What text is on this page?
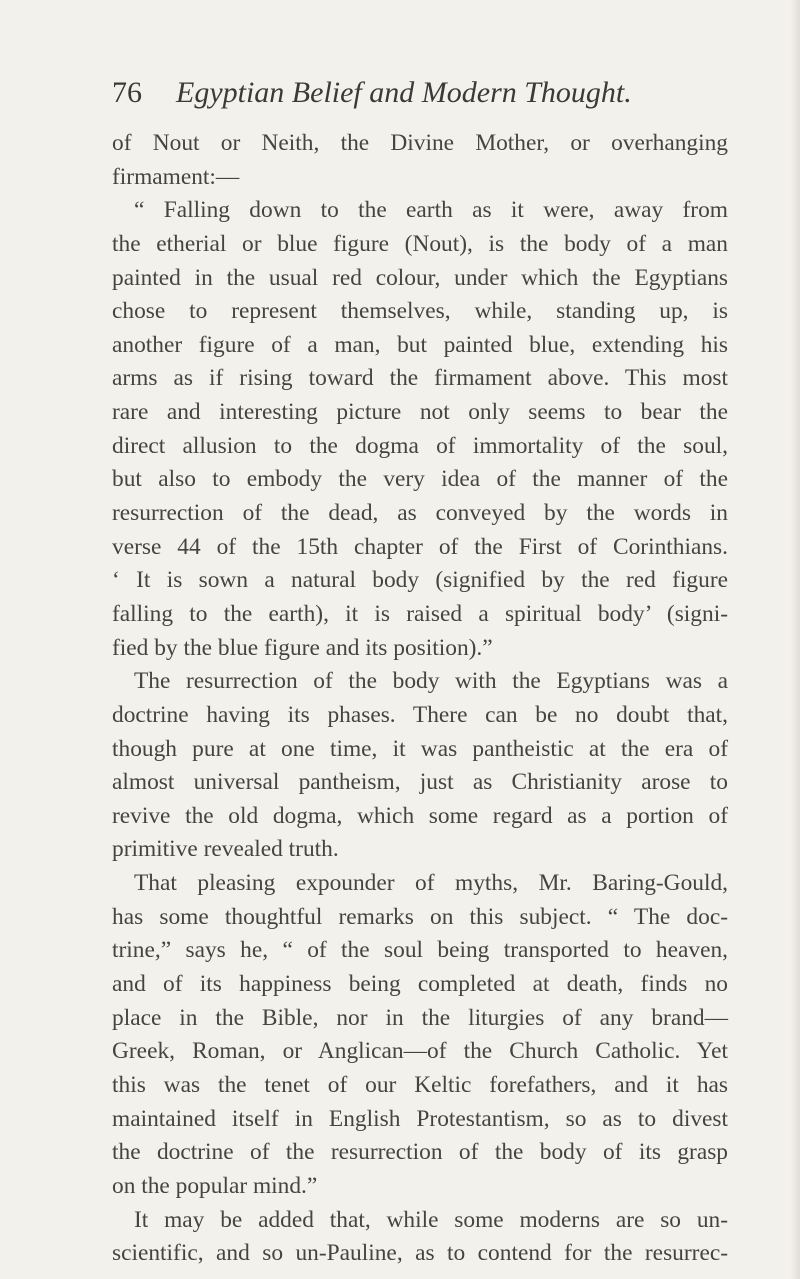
76 Egyptian Belief and Modern Thought.
of Nout or Neith, the Divine Mother, or overhanging
firmament:—
“ Falling down to the earth as it were, away from
the etherial or blue figure (Nout), is the body of a man
painted in the usual red colour, under which the Egyptians
chose to represent themselves, while, standing up, is
another figure of a man, but painted blue, extending his
arms as if rising toward the firmament above. This most
rare and interesting picture not only seems to bear the
direct allusion to the dogma of immortality of the soul,
but also to embody the very idea of the manner of the
resurrection of the dead, as conveyed by the words in
verse 44 of the 15th chapter of the First of Corinthians.
‘ It is sown a natural body (signified by the red figure
falling to the earth), it is raised a spiritual body’ (signi-
fied by the blue figure and its position).”
The resurrection of the body with the Egyptians was a
doctrine having its phases. There can be no doubt that,
though pure at one time, it was pantheistic at the era of
almost universal pantheism, just as Christianity arose to
revive the old dogma, which some regard as a portion of
primitive revealed truth.
That pleasing expounder of myths, Mr. Baring-Gould,
has some thoughtful remarks on this subject. “ The doc-
trine,” says he, “ of the soul being transported to heaven,
and of its happiness being completed at death, finds no
place in the Bible, nor in the liturgies of any brand—
Greek, Roman, or Anglican—of the Church Catholic. Yet
this was the tenet of our Keltic forefathers, and it has
maintained itself in English Protestantism, so as to divest
the doctrine of the resurrection of the body of its grasp
on the popular mind.”
It may be added that, while some moderns are so un-
scientific, and so un-Pauline, as to contend for the resurrec-
